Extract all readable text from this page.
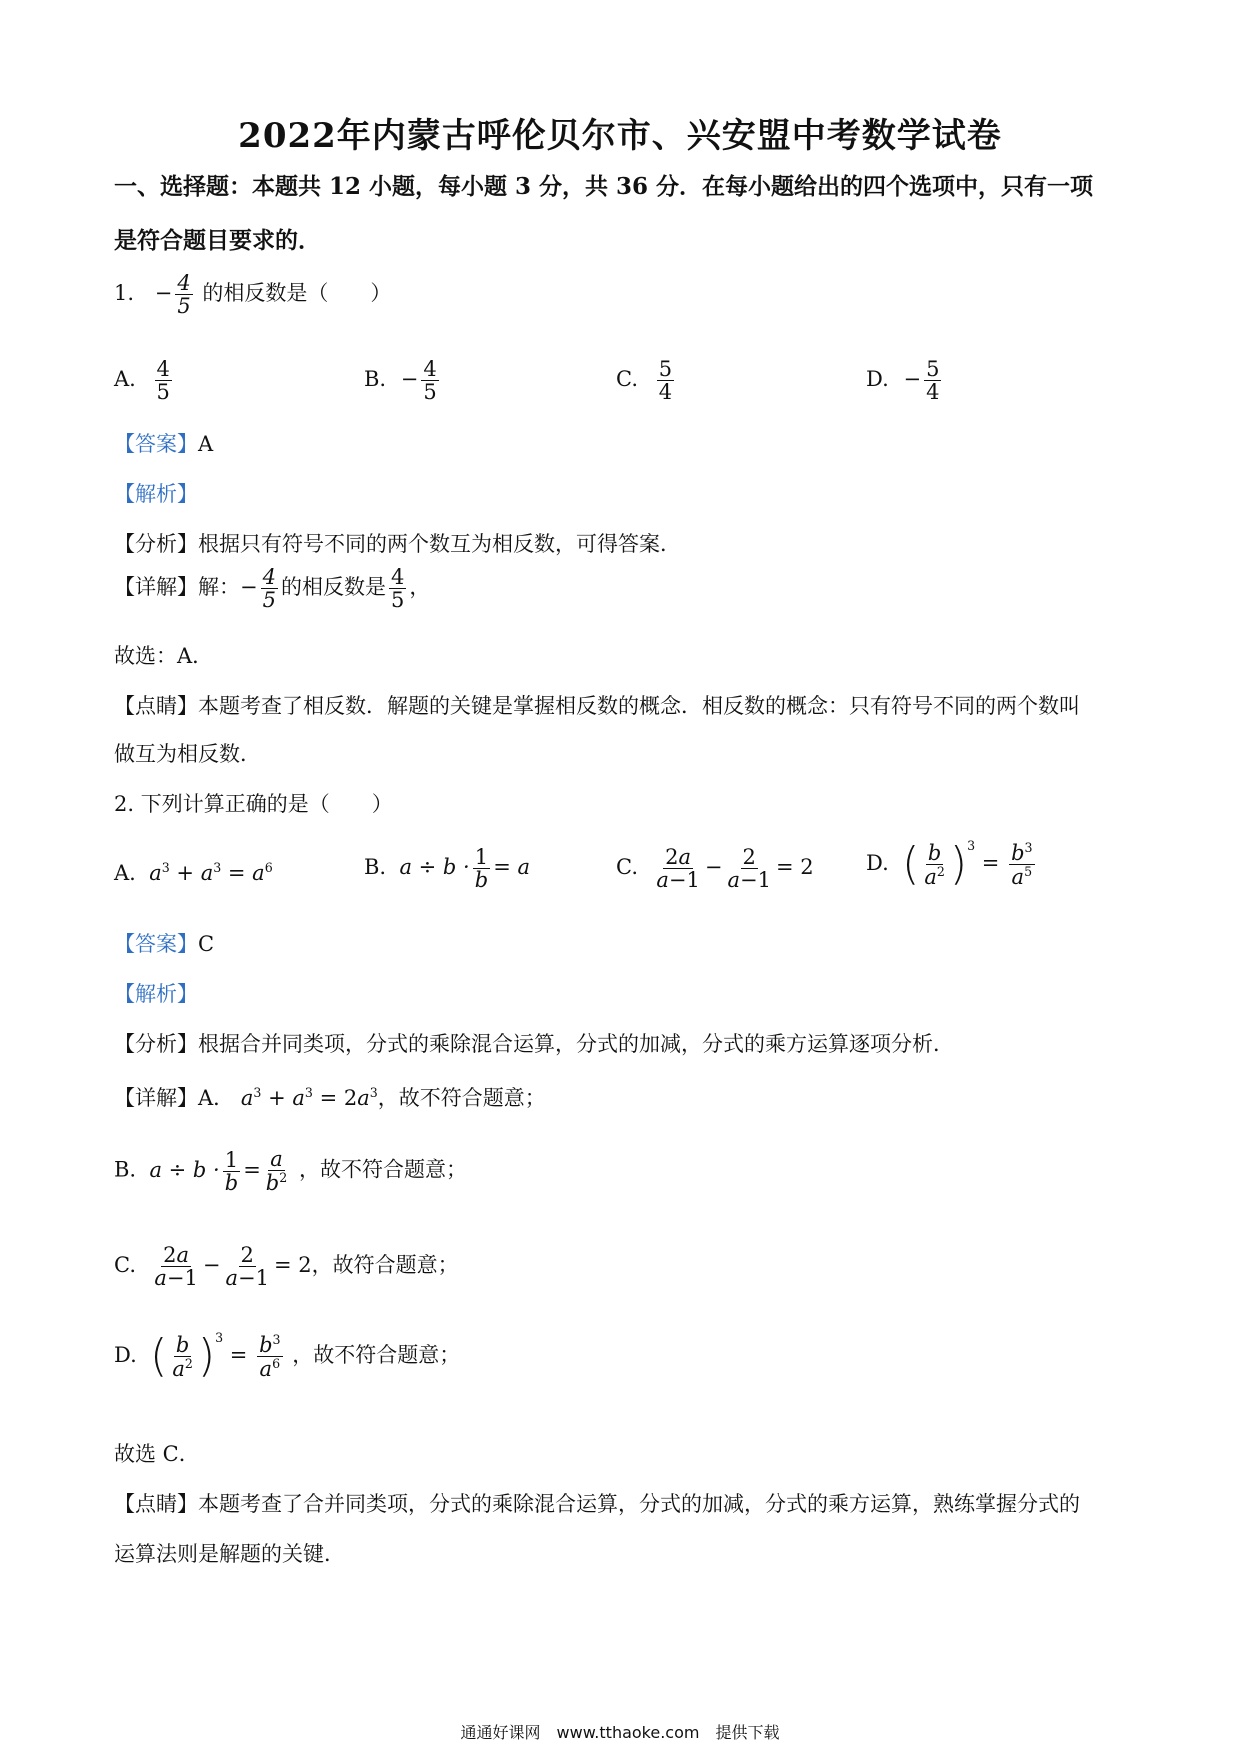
2022年内蒙古呼伦贝尔市、兴安盟中考数学试卷
一、选择题：本题共 12 小题，每小题 3 分，共 36 分．在每小题给出的四个选项中，只有一项
是符合题目要求的．
1. − $\frac{4}{5}$ 的相反数是（　　）
A. $\frac{4}{5}$	B. − $\frac{4}{5}$	C. $\frac{5}{4}$	D. − $\frac{5}{4}$
【答案】A
【解析】
【分析】根据只有符号不同的两个数互为相反数，可得答案．
【详解】解：− $\frac{4}{5}$ 的相反数是 $\frac{4}{5}$ ，
故选：A．
【点睛】本题考查了相反数．解题的关键是掌握相反数的概念．相反数的概念：只有符号不同的两个数叫
做互为相反数．
2. 下列计算正确的是（　　）
A.  $a^3 + a^3 = a^6$	B.  $a \div b \cdot \frac{1}{b} = a$	C. $\frac{2a}{a-1} - \frac{2}{a-1} = 2$ D.  ( $\frac{b}{a^2} )^3 = \frac{b^3}{a^5}$
【答案】C
【解析】
【分析】根据合并同类项，分式的乘除混合运算，分式的加减，分式的乘方运算逐项分析．
【详解】A． $a^3 + a^3 = 2a^3$，故不符合题意；
B.  $a \div b \cdot \frac{1}{b} = \frac{a}{b^2}$ ，故不符合题意；
C. $\frac{2a}{a-1} - \frac{2}{a-1} = 2$，故符合题意；
D.  ( $\frac{b}{a^2} )^3 = \frac{b^3}{a^6}$ ，故不符合题意；
故选 C．
【点睛】本题考查了合并同类项，分式的乘除混合运算，分式的加减，分式的乘方运算，熟练掌握分式的
运算法则是解题的关键．
通通好课网　www.tthaoke.com　提供下载
